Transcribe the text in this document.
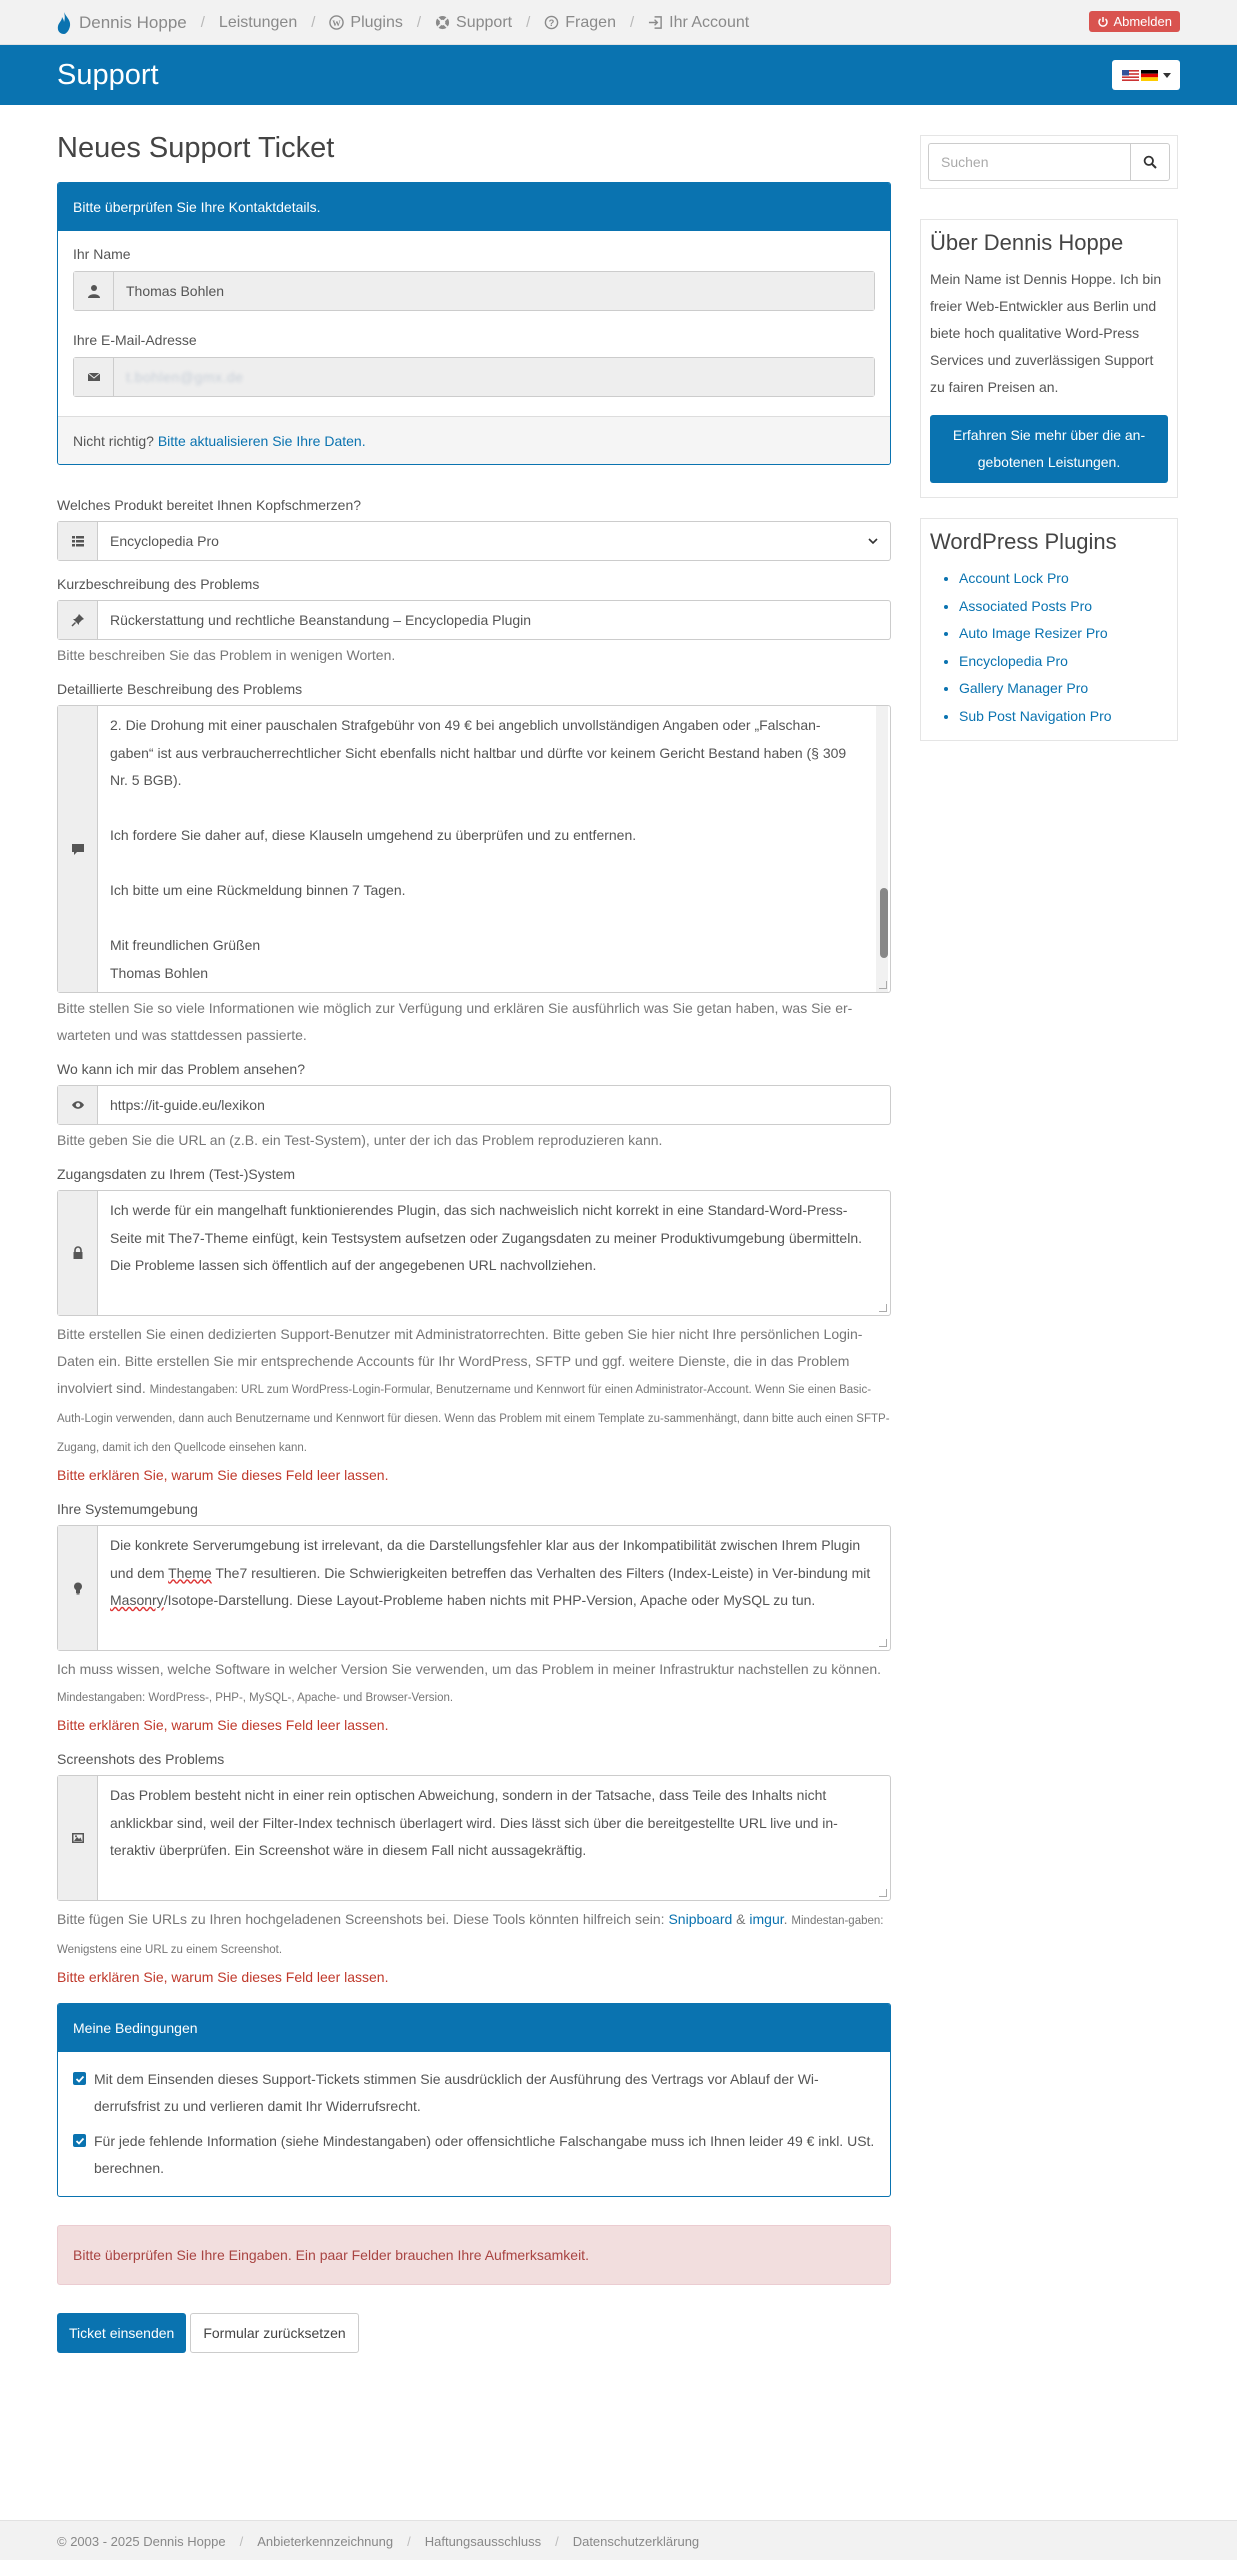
Dennis Hoppe / Leistungen / W Plugins / Support / ? Fragen / Ihr Account	Abmelden
Support
Neues Support Ticket
Bitte überprüfen Sie Ihre Kontaktdetails.
Ihr Name
Thomas Bohlen
Ihre E-Mail-Adresse
t.bohlen@gmx.de
Nicht richtig? Bitte aktualisieren Sie Ihre Daten.
Welches Produkt bereitet Ihnen Kopfschmerzen?
Encyclopedia Pro
Kurzbeschreibung des Problems
Rückerstattung und rechtliche Beanstandung – Encyclopedia Plugin
Bitte beschreiben Sie das Problem in wenigen Worten.
Detaillierte Beschreibung des Problems

2. Die Drohung mit einer pauschalen Strafgebühr von 49 € bei angeblich unvollständigen Angaben oder „Falschan-gaben“ ist aus verbraucherrechtlicher Sicht ebenfalls nicht haltbar und dürfte vor keinem Gericht Bestand haben (§ 309 Nr. 5 BGB).

Ich fordere Sie daher auf, diese Klauseln umgehend zu überprüfen und zu entfernen.

Ich bitte um eine Rückmeldung binnen 7 Tagen.

Mit freundlichen Grüßen

Thomas Bohlen

Bitte stellen Sie so viele Informationen wie möglich zur Verfügung und erklären Sie ausführlich was Sie getan haben, was Sie er-warteten und was stattdessen passierte.
Wo kann ich mir das Problem ansehen?
https://it-guide.eu/lexikon
Bitte geben Sie die URL an (z.B. ein Test-System), unter der ich das Problem reproduzieren kann.
Zugangsdaten zu Ihrem (Test-)System
Ich werde für ein mangelhaft funktionierendes Plugin, das sich nachweislich nicht korrekt in eine Standard-Word-Press-Seite mit The7-Theme einfügt, kein Testsystem aufsetzen oder Zugangsdaten zu meiner Produktivumgebung übermitteln. Die Probleme lassen sich öffentlich auf der angegebenen URL nachvollziehen.
Bitte erstellen Sie einen dedizierten Support-Benutzer mit Administratorrechten. Bitte geben Sie hier nicht Ihre persönlichen Login-Daten ein. Bitte erstellen Sie mir entsprechende Accounts für Ihr WordPress, SFTP und ggf. weitere Dienste, die in das Problem involviert sind. Mindestangaben: URL zum WordPress-Login-Formular, Benutzername und Kennwort für einen Administrator-Account. Wenn Sie einen Basic-Auth-Login verwenden, dann auch Benutzername und Kennwort für diesen. Wenn das Problem mit einem Template zu-sammenhängt, dann bitte auch einen SFTP-Zugang, damit ich den Quellcode einsehen kann.
Bitte erklären Sie, warum Sie dieses Feld leer lassen.
Ihre Systemumgebung
Die konkrete Serverumgebung ist irrelevant, da die Darstellungsfehler klar aus der Inkompatibilität zwischen Ihrem Plugin und dem Theme The7 resultieren. Die Schwierigkeiten betreffen das Verhalten des Filters (Index-Leiste) in Ver-bindung mit Masonry/Isotope-Darstellung. Diese Layout-Probleme haben nichts mit PHP-Version, Apache oder MySQL zu tun.
Ich muss wissen, welche Software in welcher Version Sie verwenden, um das Problem in meiner Infrastruktur nachstellen zu können. Mindestangaben: WordPress-, PHP-, MySQL-, Apache- und Browser-Version.
Bitte erklären Sie, warum Sie dieses Feld leer lassen.
Screenshots des Problems
Das Problem besteht nicht in einer rein optischen Abweichung, sondern in der Tatsache, dass Teile des Inhalts nicht anklickbar sind, weil der Filter-Index technisch überlagert wird. Dies lässt sich über die bereitgestellte URL live und in-teraktiv überprüfen. Ein Screenshot wäre in diesem Fall nicht aussagekräftig.
Bitte fügen Sie URLs zu Ihren hochgeladenen Screenshots bei. Diese Tools könnten hilfreich sein: Snipboard & imgur. Mindestan-gaben: Wenigstens eine URL zu einem Screenshot.
Bitte erklären Sie, warum Sie dieses Feld leer lassen.
Meine Bedingungen
Mit dem Einsenden dieses Support-Tickets stimmen Sie ausdrücklich der Ausführung des Vertrags vor Ablauf der Wi-derrufsfrist zu und verlieren damit Ihr Widerrufsrecht.
Für jede fehlende Information (siehe Mindestangaben) oder offensichtliche Falschangabe muss ich Ihnen leider 49 € inkl. USt. berechnen.
Bitte überprüfen Sie Ihre Eingaben. Ein paar Felder brauchen Ihre Aufmerksamkeit.
Ticket einsenden	Formular zurücksetzen
Suchen
Über Dennis Hoppe

Mein Name ist Dennis Hoppe. Ich bin freier Web-Entwickler aus Berlin und biete hoch qualitative Word-Press Services und zuverlässigen Support zu fairen Preisen an.

Erfahren Sie mehr über die an-gebotenen Leistungen.
WordPress Plugins
• Account Lock Pro
• Associated Posts Pro
• Auto Image Resizer Pro
• Encyclopedia Pro
• Gallery Manager Pro
• Sub Post Navigation Pro
© 2003 - 2025 Dennis Hoppe / Anbieterkennzeichnung / Haftungsausschluss / Datenschutzerklärung
